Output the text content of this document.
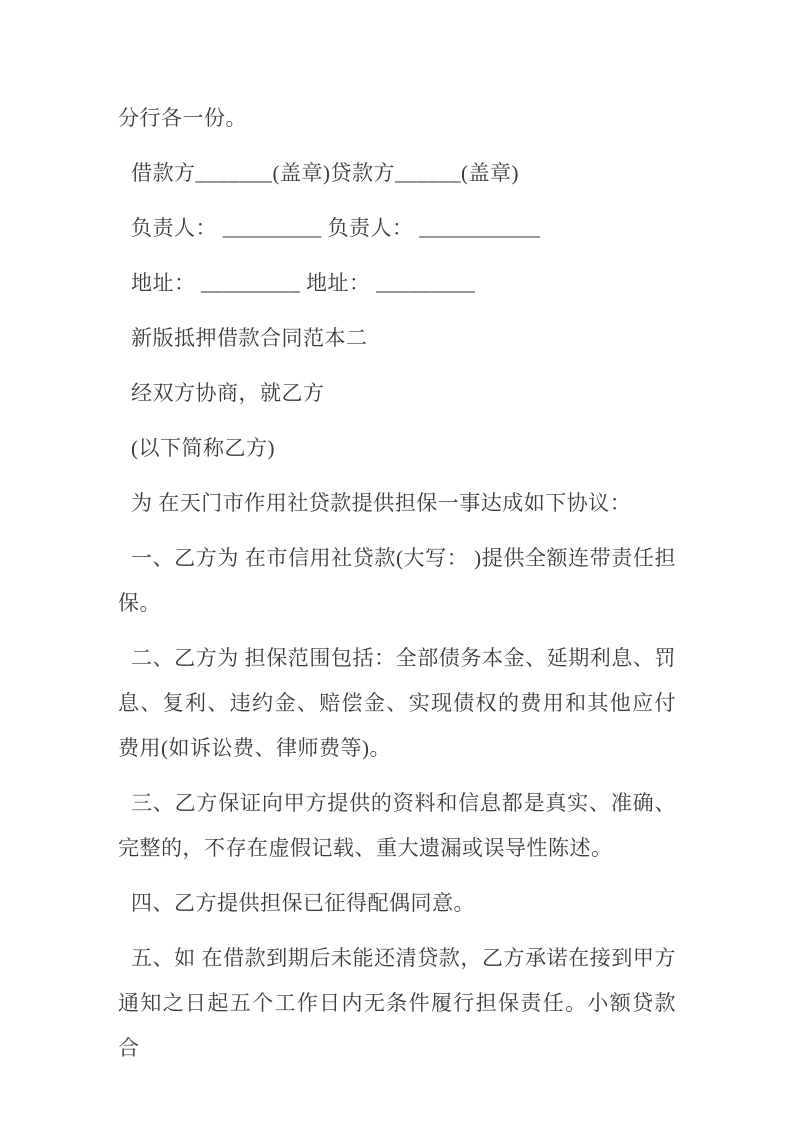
分行各一份。

借款方_______(盖章)贷款方______(盖章)

负责人： _________ 负责人： ___________

地址： _________ 地址： _________

新版抵押借款合同范本二

经双方协商，就乙方

(以下简称乙方)

为 在天门市作用社贷款提供担保一事达成如下协议：

一、乙方为 在市信用社贷款(大写： )提供全额连带责任担保。

二、乙方为 担保范围包括：全部债务本金、延期利息、罚息、复利、违约金、赔偿金、实现债权的费用和其他应付费用(如诉讼费、律师费等)。

三、乙方保证向甲方提供的资料和信息都是真实、准确、完整的，不存在虚假记载、重大遗漏或误导性陈述。

四、乙方提供担保已征得配偶同意。

五、如 在借款到期后未能还清贷款，乙方承诺在接到甲方通知之日起五个工作日内无条件履行担保责任。小额贷款合
